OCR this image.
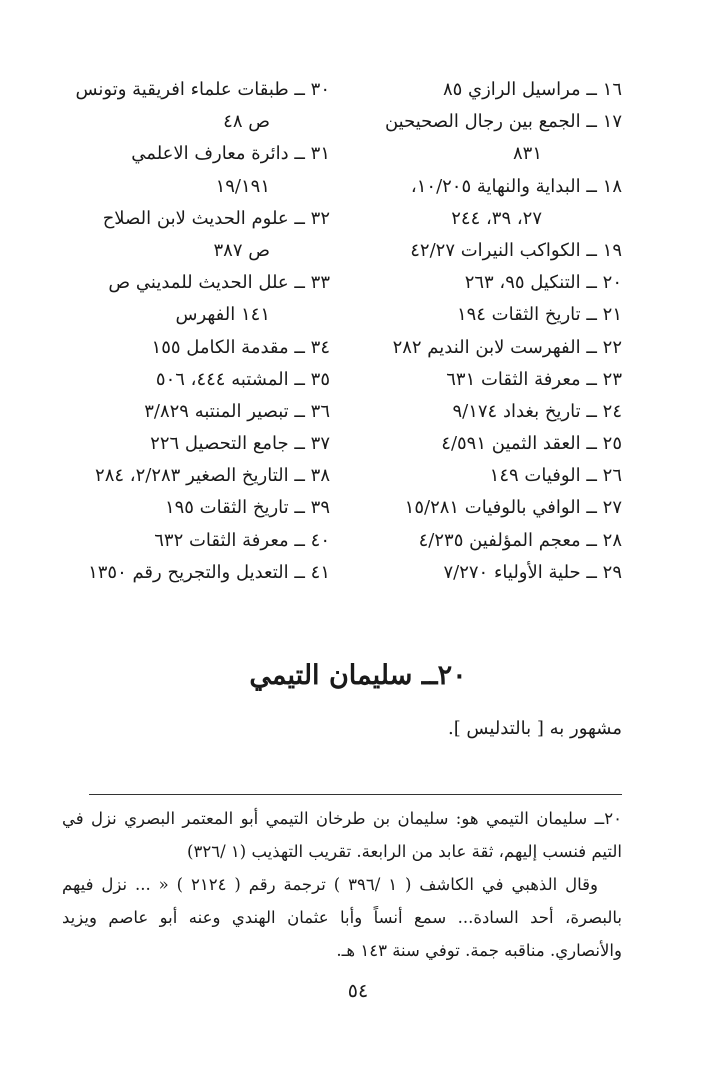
١٦ ــ مراسيل الرازي ٨٥
١٧ ــ الجمع بين رجال الصحيحين
٨٣١
١٨ ــ البداية والنهاية ١٠/٢٠٥،
٢٧، ٣٩، ٢٤٤
١٩ ــ الكواكب النيرات ٤٢/٢٧
٢٠ ــ التنكيل ٩٥، ٢٦٣
٢١ ــ تاريخ الثقات ١٩٤
٢٢ ــ الفهرست لابن النديم ٢٨٢
٢٣ ــ معرفة الثقات ٦٣١
٢٤ ــ تاريخ بغداد ٩/١٧٤
٢٥ ــ العقد الثمين ٤/٥٩١
٢٦ ــ الوفيات ١٤٩
٢٧ ــ الوافي بالوفيات ١٥/٢٨١
٢٨ ــ معجم المؤلفين ٤/٢٣٥
٢٩ ــ حلية الأولياء ٧/٢٧٠
٣٠ ــ طبقات علماء افريقية وتونس
ص ٤٨
٣١ ــ دائرة معارف الاعلمي
١٩/١٩١
٣٢ ــ علوم الحديث لابن الصلاح
ص ٣٨٧
٣٣ ــ علل الحديث للمديني ص
١٤١ الفهرس
٣٤ ــ مقدمة الكامل ١٥٥
٣٥ ــ المشتبه ٤٤٤، ٥٠٦
٣٦ ــ تبصير المنتبه ٣/٨٢٩
٣٧ ــ جامع التحصيل ٢٢٦
٣٨ ــ التاريخ الصغير ٢/٢٨٣، ٢٨٤
٣٩ ــ تاريخ الثقات ١٩٥
٤٠ ــ معرفة الثقات ٦٣٢
٤١ ــ التعديل والتجريح رقم ١٣٥٠
٢٠ــ سليمان التيمي
مشهور به [ بالتدليس ].

٢٠ــ سليمان التيمي هو: سليمان بن طرخان التيمي أبو المعتمر البصري نزل في التيم فنسب إليهم، ثقة عابد من الرابعة. تقريب التهذيب (١ /٣٢٦)

وقال الذهبي في الكاشف ( ١ /٣٩٦ ) ترجمة رقم ( ٢١٢٤ ) « ... نزل فيهم بالبصرة، أحد السادة... سمع أنساً وأبا عثمان الهندي وعنه أبو عاصم ويزيد والأنصاري. مناقبه جمة. توفي سنة ١٤٣ هـ.

٥٤
